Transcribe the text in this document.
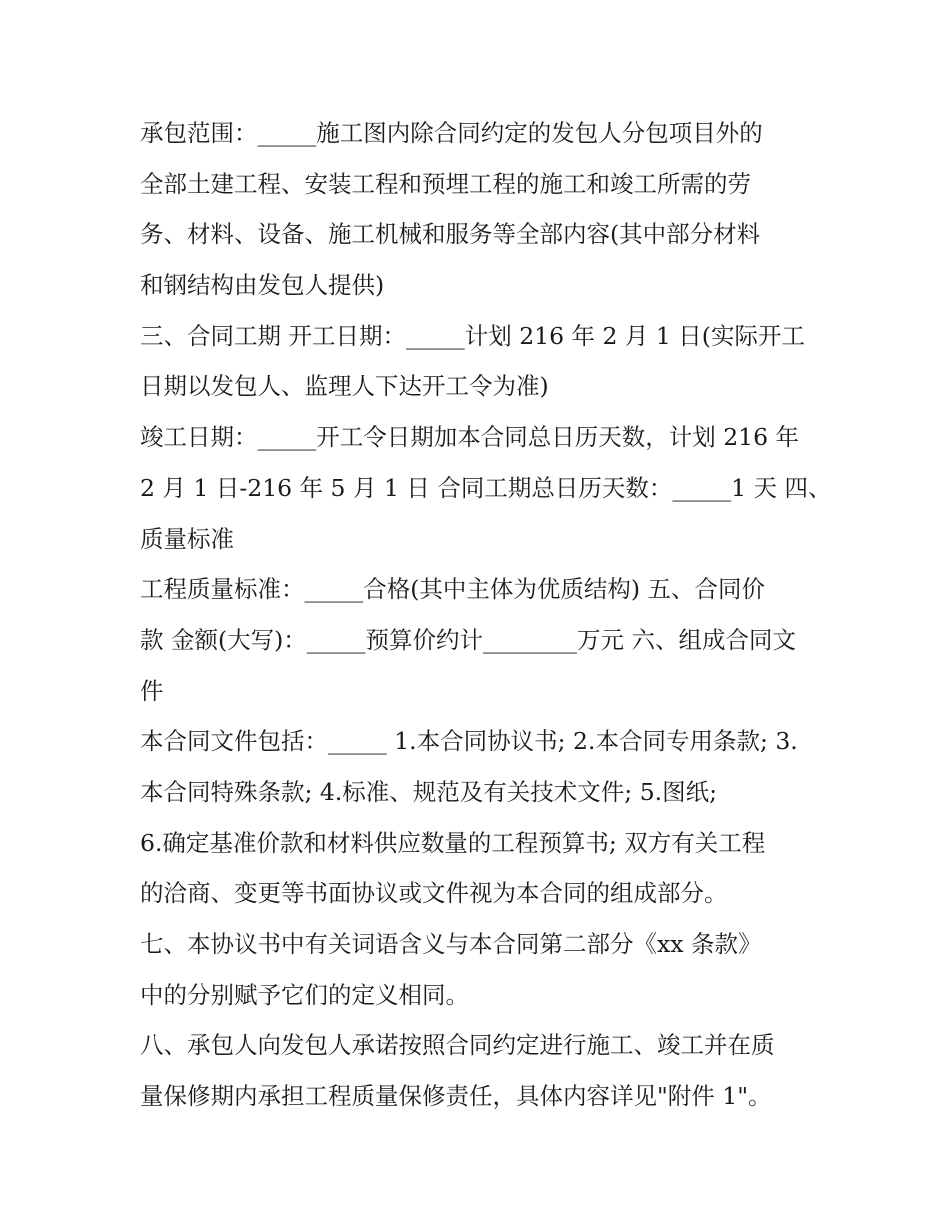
承包范围：_____施工图内除合同约定的发包人分包项目外的
全部土建工程、安装工程和预埋工程的施工和竣工所需的劳
务、材料、设备、施工机械和服务等全部内容(其中部分材料
和钢结构由发包人提供)
三、合同工期 开工日期：_____计划 216 年 2 月 1 日(实际开工
日期以发包人、监理人下达开工令为准)
竣工日期：_____开工令日期加本合同总日历天数，计划 216 年
2 月 1 日-216 年 5 月 1 日 合同工期总日历天数：_____1 天 四、
质量标准
工程质量标准：_____合格(其中主体为优质结构) 五、合同价
款 金额(大写)：_____预算价约计________万元 六、组成合同文
件
本合同文件包括：_____ 1.本合同协议书; 2.本合同专用条款; 3.
本合同特殊条款; 4.标准、规范及有关技术文件; 5.图纸;
6.确定基准价款和材料供应数量的工程预算书; 双方有关工程
的洽商、变更等书面协议或文件视为本合同的组成部分。
七、本协议书中有关词语含义与本合同第二部分《xx 条款》
中的分别赋予它们的定义相同。
八、承包人向发包人承诺按照合同约定进行施工、竣工并在质
量保修期内承担工程质量保修责任，具体内容详见"附件 1"。
